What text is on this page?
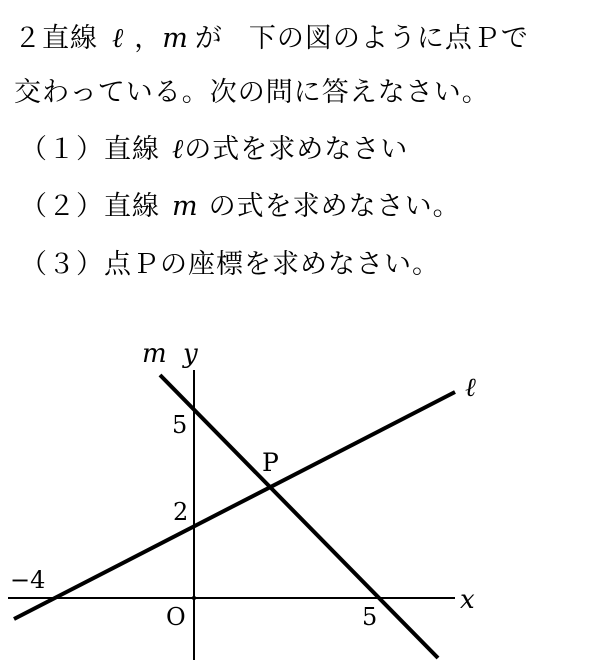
２直線 ℓ ，m が 下の図のように点Ｐで
交わっている。次の問に答えなさい。
（１）直線 ℓの式を求めなさい
（２）直線 m の式を求めなさい。
（３）点Ｐの座標を求めなさい。
m y
ℓ
x
P
O
5
2
−4
5
